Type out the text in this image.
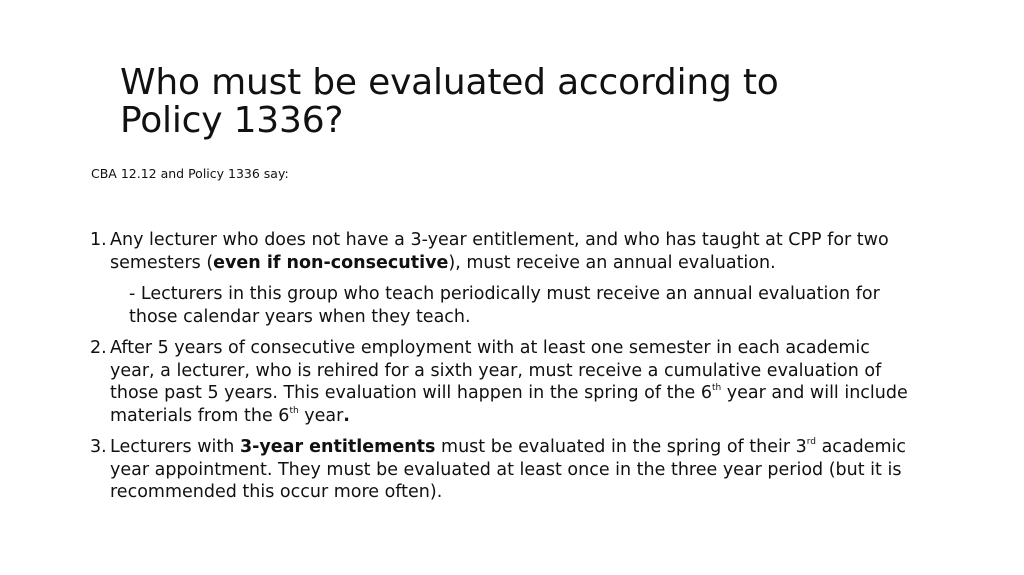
Who must be evaluated according to Policy 1336?

CBA 12.12 and Policy 1336 say:

1. Any lecturer who does not have a 3-year entitlement, and who has taught at CPP for two semesters (even if non-consecutive), must receive an annual evaluation.
- Lecturers in this group who teach periodically must receive an annual evaluation for those calendar years when they teach.
2. After 5 years of consecutive employment with at least one semester in each academic year, a lecturer, who is rehired for a sixth year, must receive a cumulative evaluation of those past 5 years. This evaluation will happen in the spring of the 6th year and will include materials from the 6th year.
3. Lecturers with 3-year entitlements must be evaluated in the spring of their 3rd academic year appointment. They must be evaluated at least once in the three year period (but it is recommended this occur more often).
